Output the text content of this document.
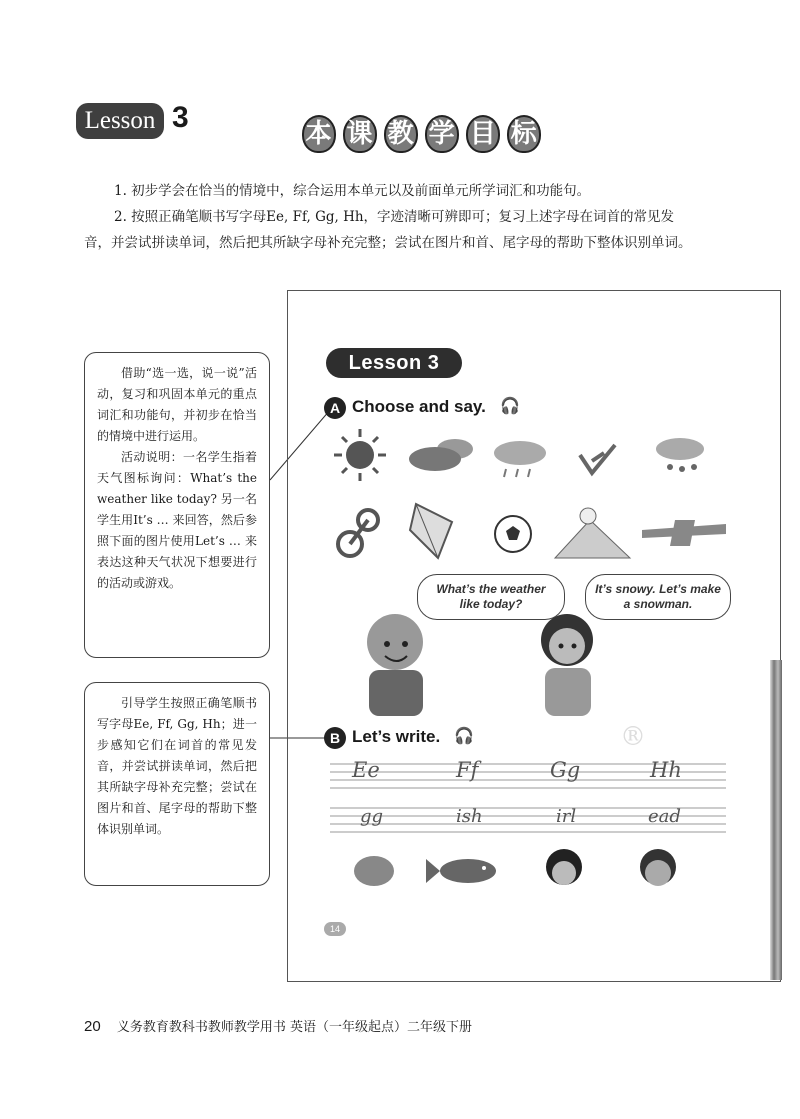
Lesson 3	本 课 教 学 目 标
1. 初步学会在恰当的情境中，综合运用本单元以及前面单元所学词汇和功能句。
2. 按照正确笔顺书写字母Ee, Ff, Gg, Hh，字迹清晰可辨即可；复习上述字母在词首的常见发音，并尝试拼读单词，然后把其所缺字母补充完整；尝试在图片和首、尾字母的帮助下整体识别单词。

借助“选一选，说一说”活动，复习和巩固本单元的重点词汇和功能句，并初步在恰当的情境中进行运用。

活动说明：一名学生指着天气图标询问：What’s the weather like today? 另一名学生用It’s … 来回答，然后参照下面的图片使用Let’s … 来表达这种天气状况下想要进行的活动或游戏。

引导学生按照正确笔顺书写字母Ee, Ff, Gg, Hh；进一步感知它们在词首的常见发音，并尝试拼读单词，然后把其所缺字母补充完整；尝试在图片和首、尾字母的帮助下整体识别单词。

Lesson 3
A Choose and say. 🎧
What’s the weather like today?
It’s snowy. Let’s make a snowman.
B Let’s write. 🎧	®
Ee	Ff	Gg	Hh
gg	ish	irl	ead
14
20 义务教育教科书教师教学用书 英语（一年级起点）二年级下册
